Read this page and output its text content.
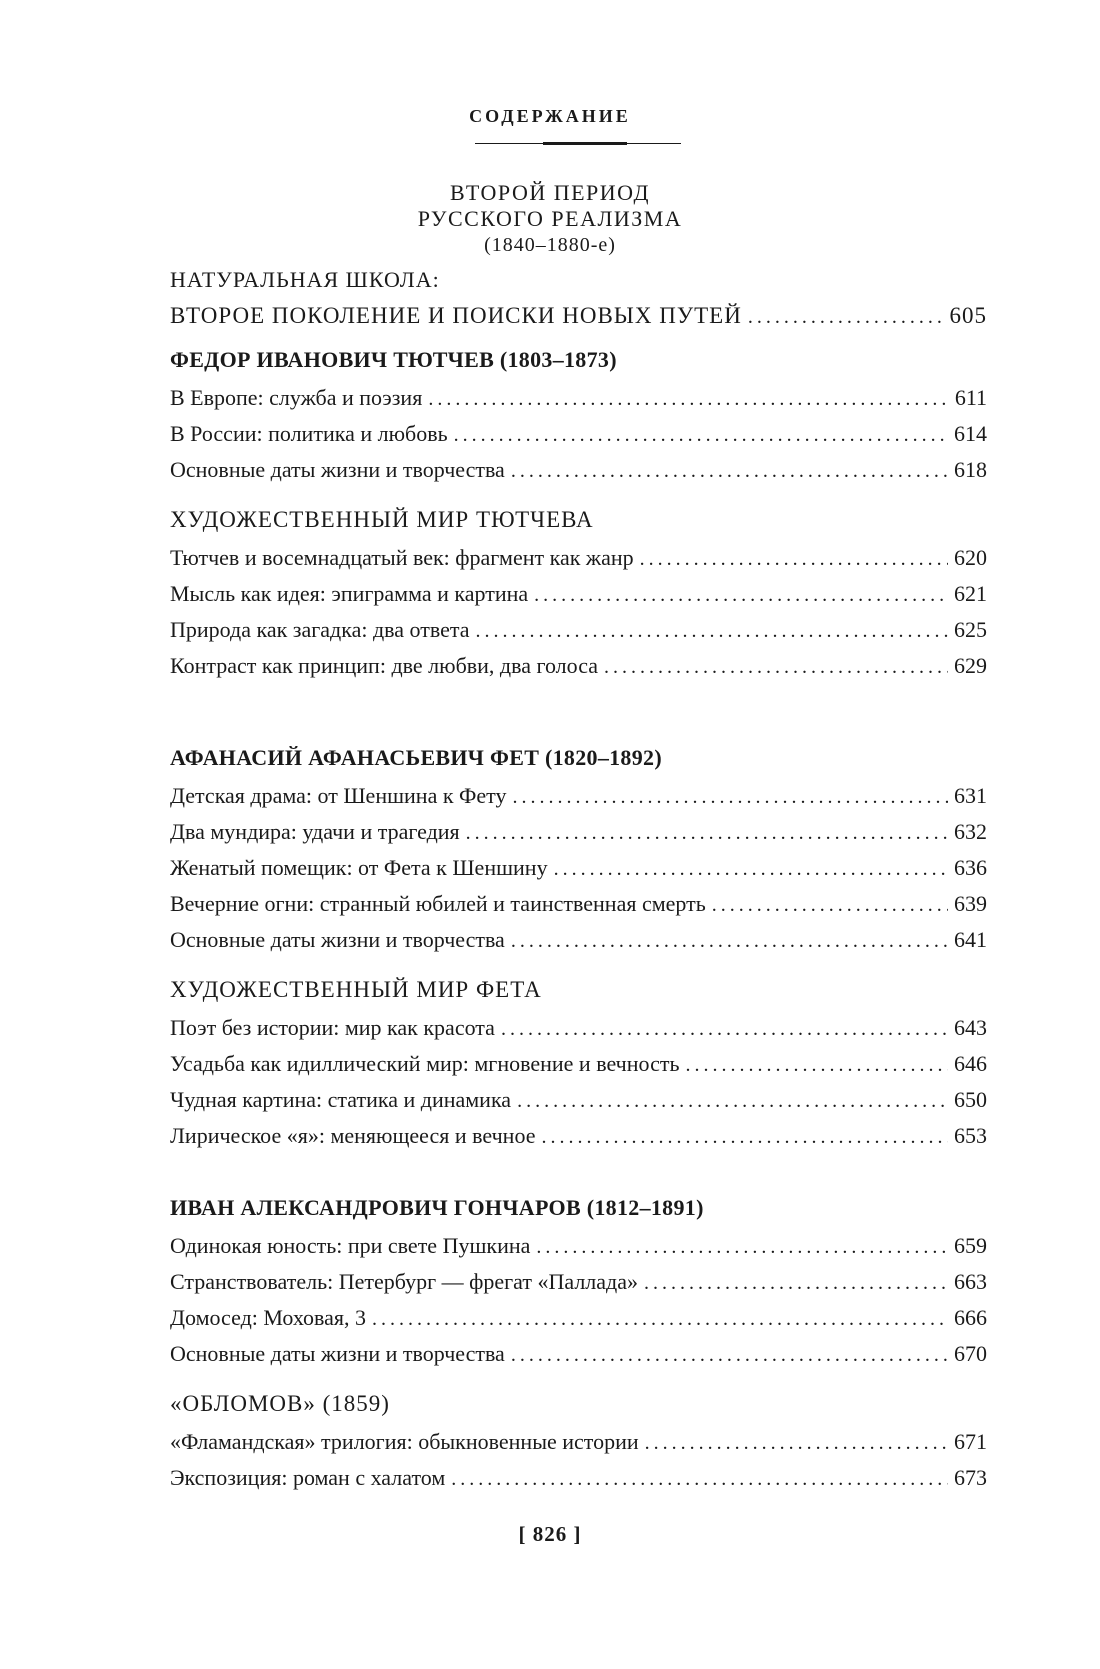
СОДЕРЖАНИЕ
ВТОРОЙ ПЕРИОД
РУССКОГО РЕАЛИЗМА
(1840–1880-е)
НАТУРАЛЬНАЯ ШКОЛА:
ВТОРОЕ ПОКОЛЕНИЕ И ПОИСКИ НОВЫХ ПУТЕЙ .....	605
ФЕДОР ИВАНОВИЧ ТЮТЧЕВ (1803–1873)
В Европе: служба и поэзия .....	611
В России: политика и любовь .....	614
Основные даты жизни и творчества .....	618
ХУДОЖЕСТВЕННЫЙ МИР ТЮТЧЕВА
Тютчев и восемнадцатый век: фрагмент как жанр .....	620
Мысль как идея: эпиграмма и картина .....	621
Природа как загадка: два ответа .....	625
Контраст как принцип: две любви, два голоса .....	629
АФАНАСИЙ АФАНАСЬЕВИЧ ФЕТ (1820–1892)
Детская драма: от Шеншина к Фету .....	631
Два мундира: удачи и трагедия .....	632
Женатый помещик: от Фета к Шеншину .....	636
Вечерние огни: странный юбилей и таинственная смерть .....	639
Основные даты жизни и творчества .....	641
ХУДОЖЕСТВЕННЫЙ МИР ФЕТА
Поэт без истории: мир как красота .....	643
Усадьба как идиллический мир: мгновение и вечность .....	646
Чудная картина: статика и динамика .....	650
Лирическое «я»: меняющееся и вечное .....	653
ИВАН АЛЕКСАНДРОВИЧ ГОНЧАРОВ (1812–1891)
Одинокая юность: при свете Пушкина .....	659
Странствователь: Петербург — фрегат «Паллада» .....	663
Домосед: Моховая, 3 .....	666
Основные даты жизни и творчества .....	670
«ОБЛОМОВ» (1859)
«Фламандская» трилогия: обыкновенные истории .....	671
Экспозиция: роман с халатом .....	673
[ 826 ]
